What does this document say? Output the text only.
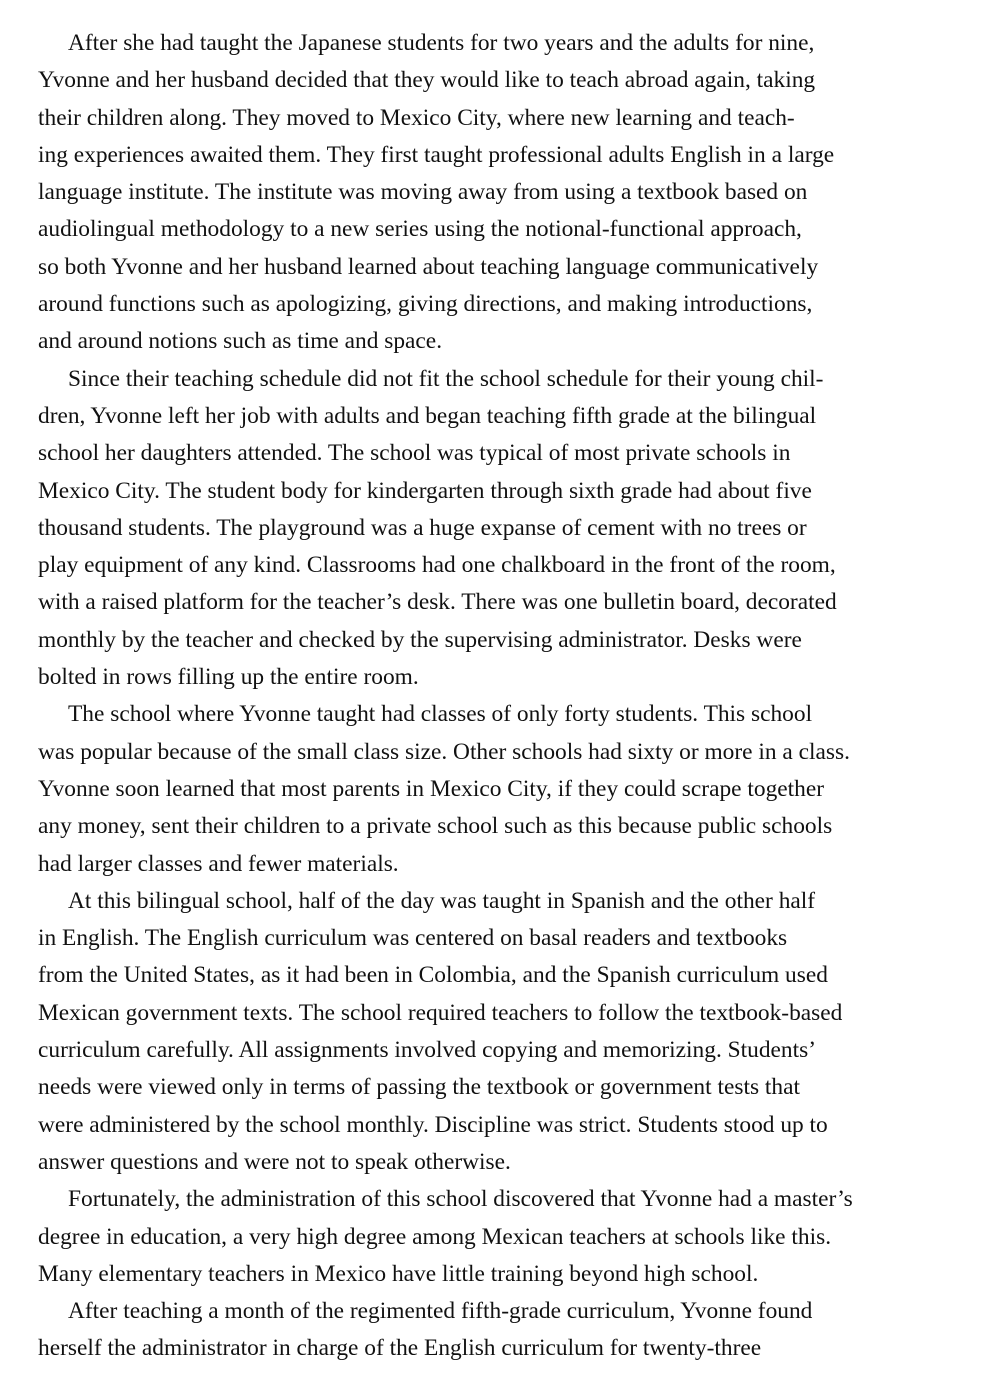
After she had taught the Japanese students for two years and the adults for nine,
Yvonne and her husband decided that they would like to teach abroad again, taking
their children along. They moved to Mexico City, where new learning and teach-
ing experiences awaited them. They first taught professional adults English in a large
language institute. The institute was moving away from using a textbook based on
audiolingual methodology to a new series using the notional-functional approach,
so both Yvonne and her husband learned about teaching language communicatively
around functions such as apologizing, giving directions, and making introductions,
and around notions such as time and space.

Since their teaching schedule did not fit the school schedule for their young chil-
dren, Yvonne left her job with adults and began teaching fifth grade at the bilingual
school her daughters attended. The school was typical of most private schools in
Mexico City. The student body for kindergarten through sixth grade had about five
thousand students. The playground was a huge expanse of cement with no trees or
play equipment of any kind. Classrooms had one chalkboard in the front of the room,
with a raised platform for the teacher’s desk. There was one bulletin board, decorated
monthly by the teacher and checked by the supervising administrator. Desks were
bolted in rows filling up the entire room.

The school where Yvonne taught had classes of only forty students. This school
was popular because of the small class size. Other schools had sixty or more in a class.
Yvonne soon learned that most parents in Mexico City, if they could scrape together
any money, sent their children to a private school such as this because public schools
had larger classes and fewer materials.

At this bilingual school, half of the day was taught in Spanish and the other half
in English. The English curriculum was centered on basal readers and textbooks
from the United States, as it had been in Colombia, and the Spanish curriculum used
Mexican government texts. The school required teachers to follow the textbook-based
curriculum carefully. All assignments involved copying and memorizing. Students’
needs were viewed only in terms of passing the textbook or government tests that
were administered by the school monthly. Discipline was strict. Students stood up to
answer questions and were not to speak otherwise.

Fortunately, the administration of this school discovered that Yvonne had a master’s
degree in education, a very high degree among Mexican teachers at schools like this.
Many elementary teachers in Mexico have little training beyond high school.

After teaching a month of the regimented fifth-grade curriculum, Yvonne found
herself the administrator in charge of the English curriculum for twenty-three
